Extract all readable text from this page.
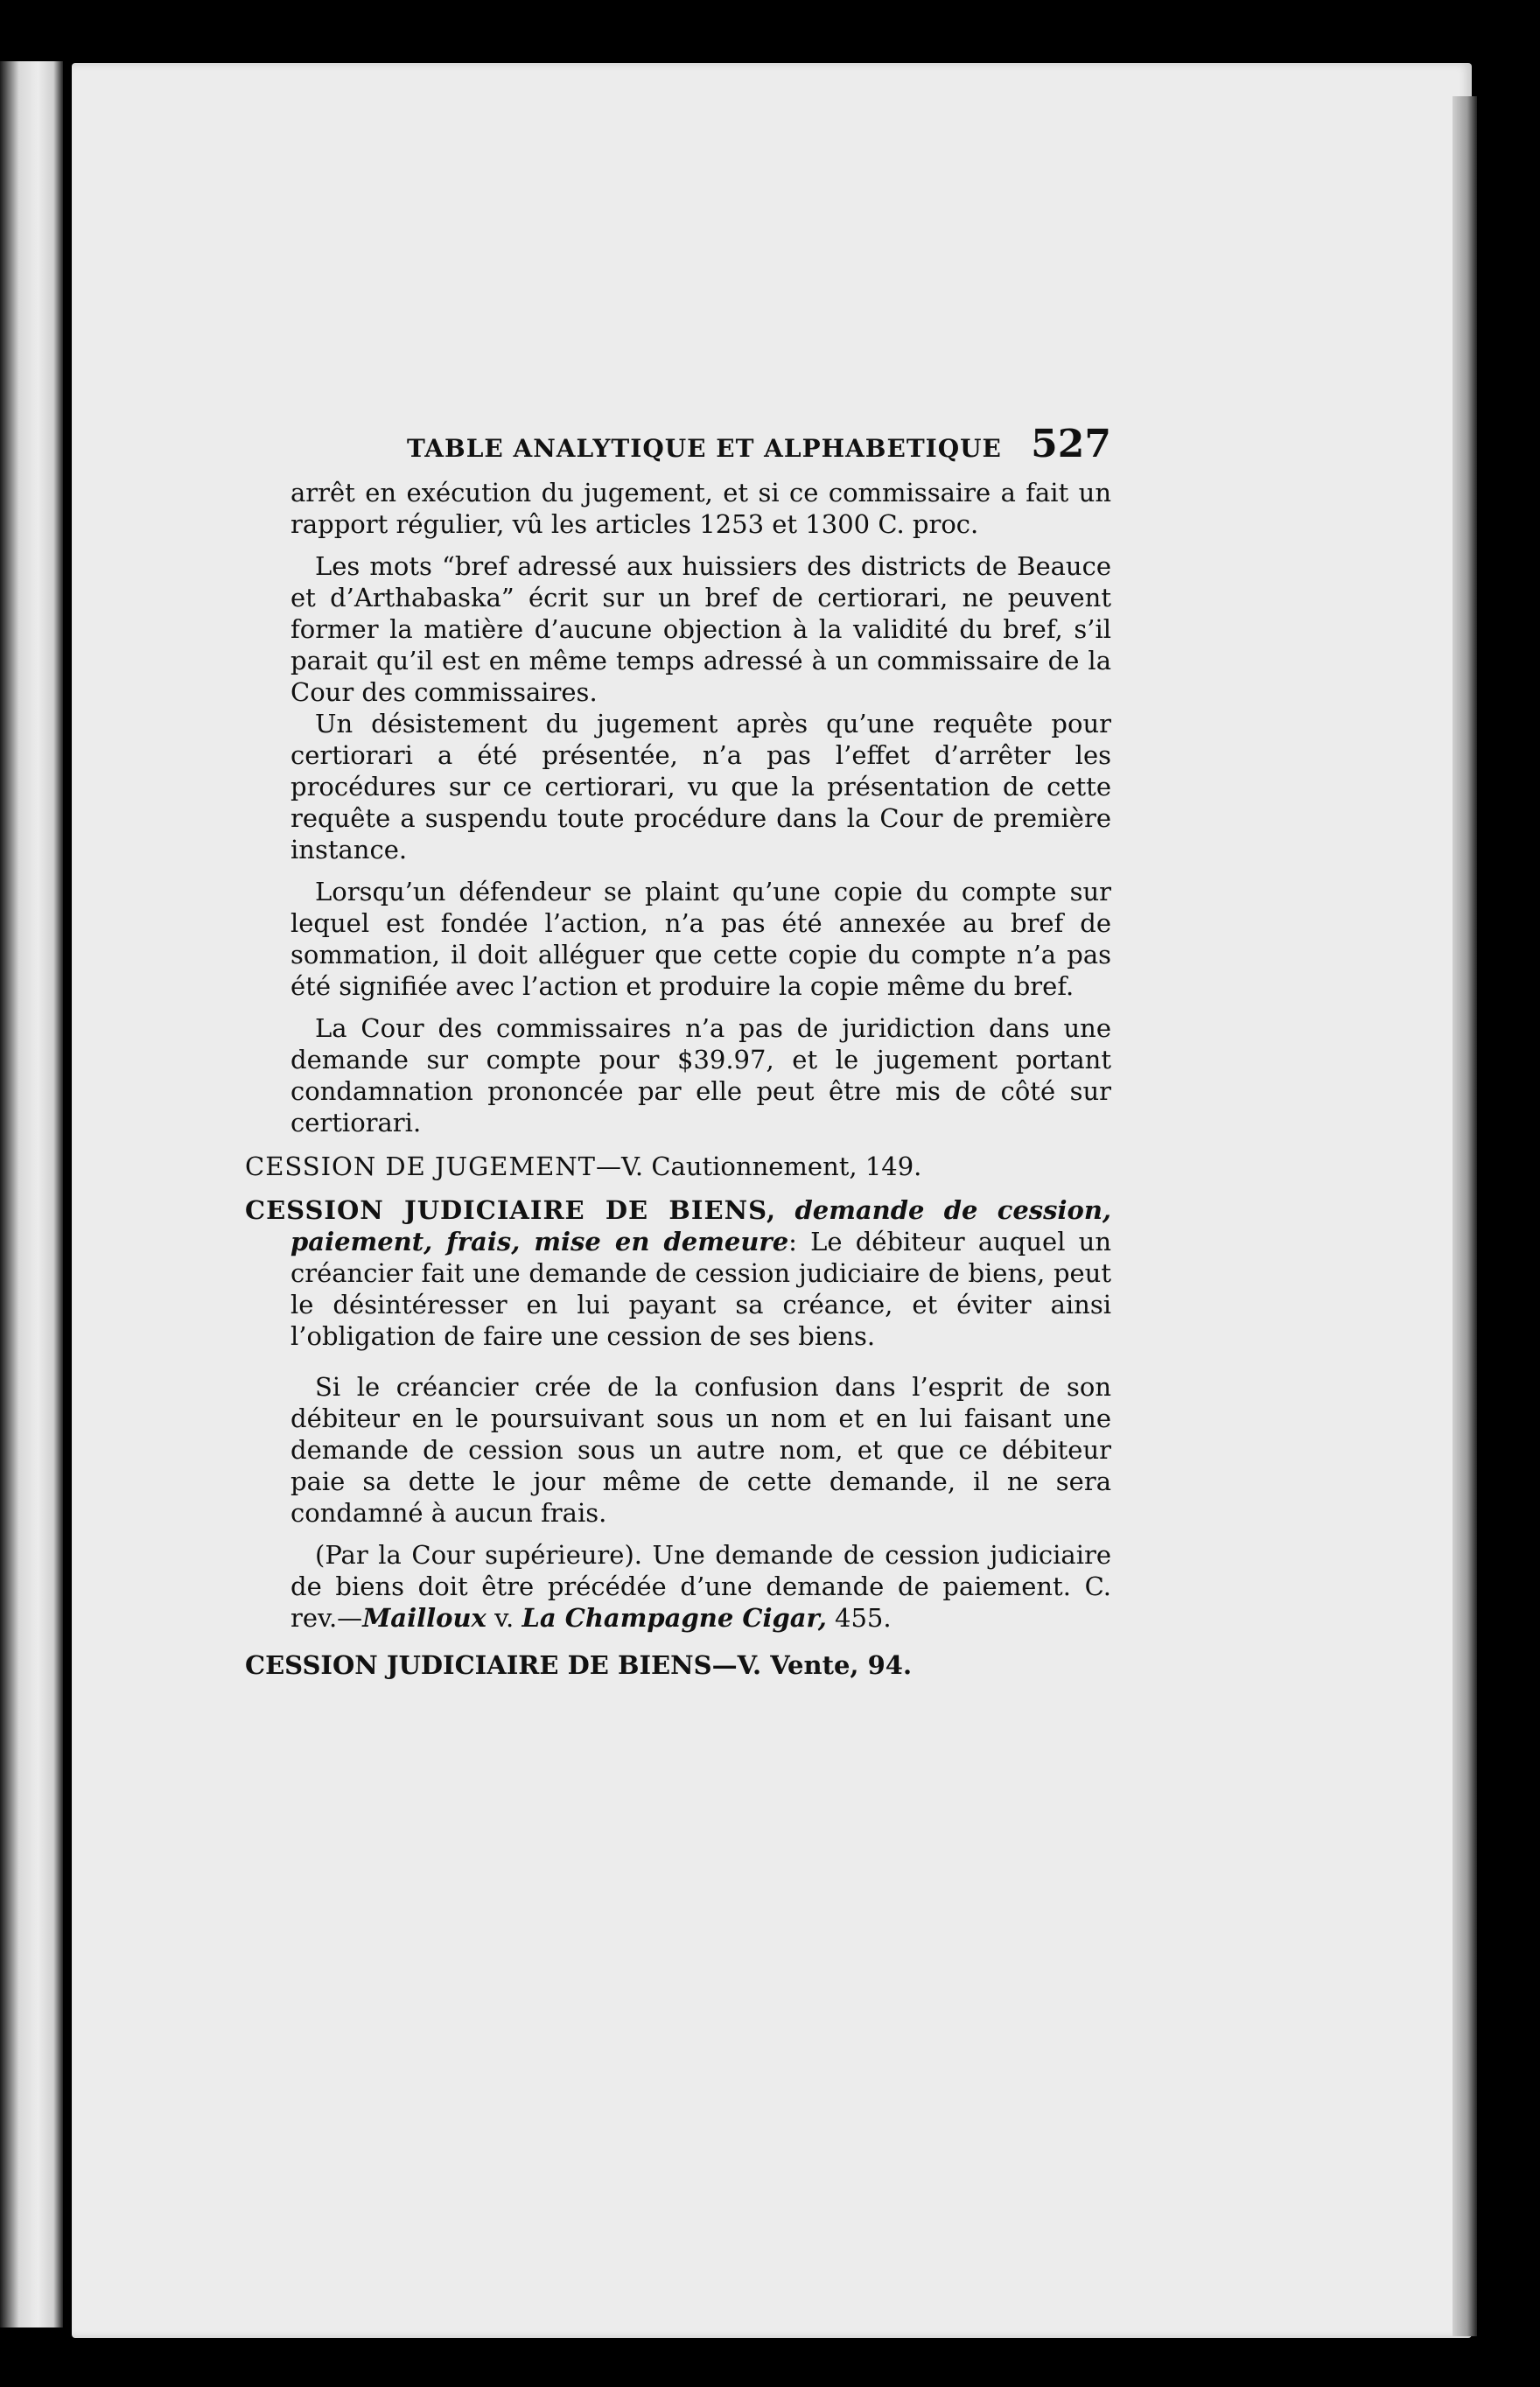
TABLE ANALYTIQUE ET ALPHABETIQUE 527

arrêt en exécution du jugement, et si ce commissaire a fait un rapport régulier, vû les articles 1253 et 1300 C. proc.

Les mots “bref adressé aux huissiers des districts de Beauce et d’Arthabaska” écrit sur un bref de certiorari, ne peuvent former la matière d’aucune objection à la validité du bref, s’il parait qu’il est en même temps adressé à un commissaire de la Cour des commissaires.

Un désistement du jugement après qu’une requête pour certiorari a été présentée, n’a pas l’effet d’arrêter les procédures sur ce certiorari, vu que la présentation de cette requête a suspendu toute procédure dans la Cour de première instance.

Lorsqu’un défendeur se plaint qu’une copie du compte sur lequel est fondée l’action, n’a pas été annexée au bref de sommation, il doit alléguer que cette copie du compte n’a pas été signifiée avec l’action et produire la copie même du bref.

La Cour des commissaires n’a pas de juridiction dans une demande sur compte pour $39.97, et le jugement portant condamnation prononcée par elle peut être mis de côté sur certiorari.

CESSION DE JUGEMENT—V. Cautionnement, 149.

CESSION JUDICIAIRE DE BIENS, demande de cession, paiement, frais, mise en demeure: Le débiteur auquel un créancier fait une demande de cession judiciaire de biens, peut le désintéresser en lui payant sa créance, et éviter ainsi l’obligation de faire une cession de ses biens.

Si le créancier crée de la confusion dans l’esprit de son débiteur en le poursuivant sous un nom et en lui faisant une demande de cession sous un autre nom, et que ce débiteur paie sa dette le jour même de cette demande, il ne sera condamné à aucun frais.

(Par la Cour supérieure). Une demande de cession judiciaire de biens doit être précédée d’une demande de paiement. C. rev.—Mailloux v. La Champagne Cigar, 455.

CESSION JUDICIAIRE DE BIENS—V. Vente, 94.
